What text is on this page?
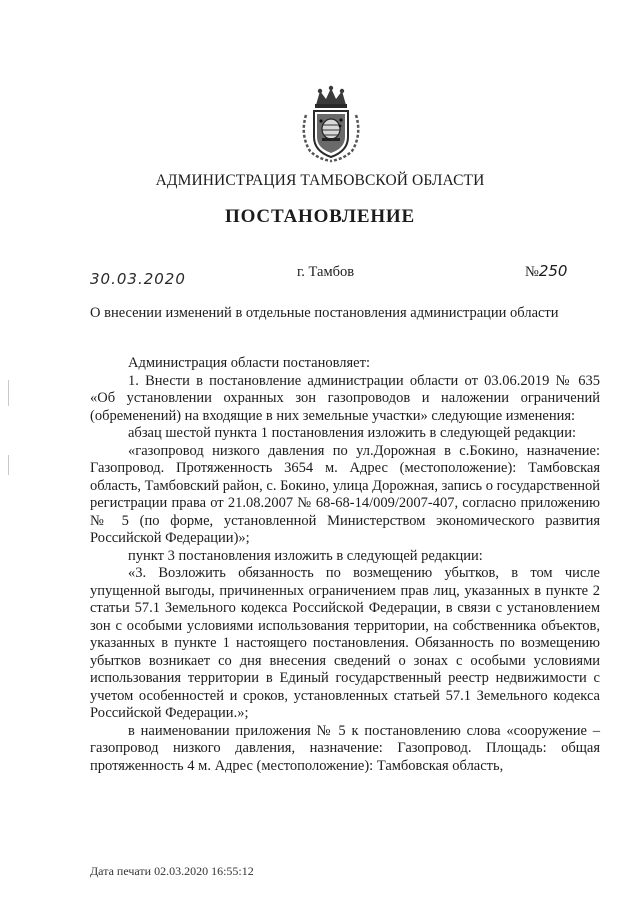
АДМИНИСТРАЦИЯ ТАМБОВСКОЙ ОБЛАСТИ
ПОСТАНОВЛЕНИЕ
30.03.2020	г. Тамбов	№250
О внесении изменений в отдельные постановления администрации области

Администрация области постановляет:

1. Внести в постановление администрации области от 03.06.2019 № 635 «Об установлении охранных зон газопроводов и наложении ограничений (обременений) на входящие в них земельные участки» следующие изменения:

абзац шестой пункта 1 постановления изложить в следующей редакции:

«газопровод низкого давления по ул.Дорожная в с.Бокино, назначение: Газопровод. Протяженность 3654 м. Адрес (местоположение): Тамбовская область, Тамбовский район, с. Бокино, улица Дорожная, запись о государственной регистрации права от 21.08.2007 № 68-68-14/009/2007-407, согласно приложению № 5 (по форме, установленной Министерством экономического развития Российской Федерации)»;

пункт 3 постановления изложить в следующей редакции:

«3. Возложить обязанность по возмещению убытков, в том числе упущенной выгоды, причиненных ограничением прав лиц, указанных в пункте 2 статьи 57.1 Земельного кодекса Российской Федерации, в связи с установлением зон с особыми условиями использования территории, на собственника объектов, указанных в пункте 1 настоящего постановления. Обязанность по возмещению убытков возникает со дня внесения сведений о зонах с особыми условиями использования территории в Единый государственный реестр недвижимости с учетом особенностей и сроков, установленных статьей 57.1 Земельного кодекса Российской Федерации.»;

в наименовании приложения № 5 к постановлению слова «сооружение – газопровод низкого давления, назначение: Газопровод. Площадь: общая протяженность 4 м. Адрес (местоположение): Тамбовская область,

Дата печати 02.03.2020 16:55:12
